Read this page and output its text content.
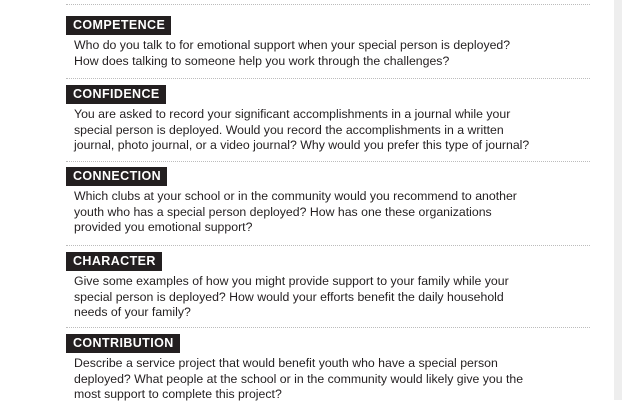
COMPETENCE
Who do you talk to for emotional support when your special person is deployed?
How does talking to someone help you work through the challenges?
CONFIDENCE
You are asked to record your significant accomplishments in a journal while your
special person is deployed. Would you record the accomplishments in a written
journal, photo journal, or a video journal? Why would you prefer this type of journal?
CONNECTION
Which clubs at your school or in the community would you recommend to another
youth who has a special person deployed? How has one these organizations
provided you emotional support?
CHARACTER
Give some examples of how you might provide support to your family while your
special person is deployed? How would your efforts benefit the daily household
needs of your family?
CONTRIBUTION
Describe a service project that would benefit youth who have a special person
deployed? What people at the school or in the community would likely give you the
most support to complete this project?
